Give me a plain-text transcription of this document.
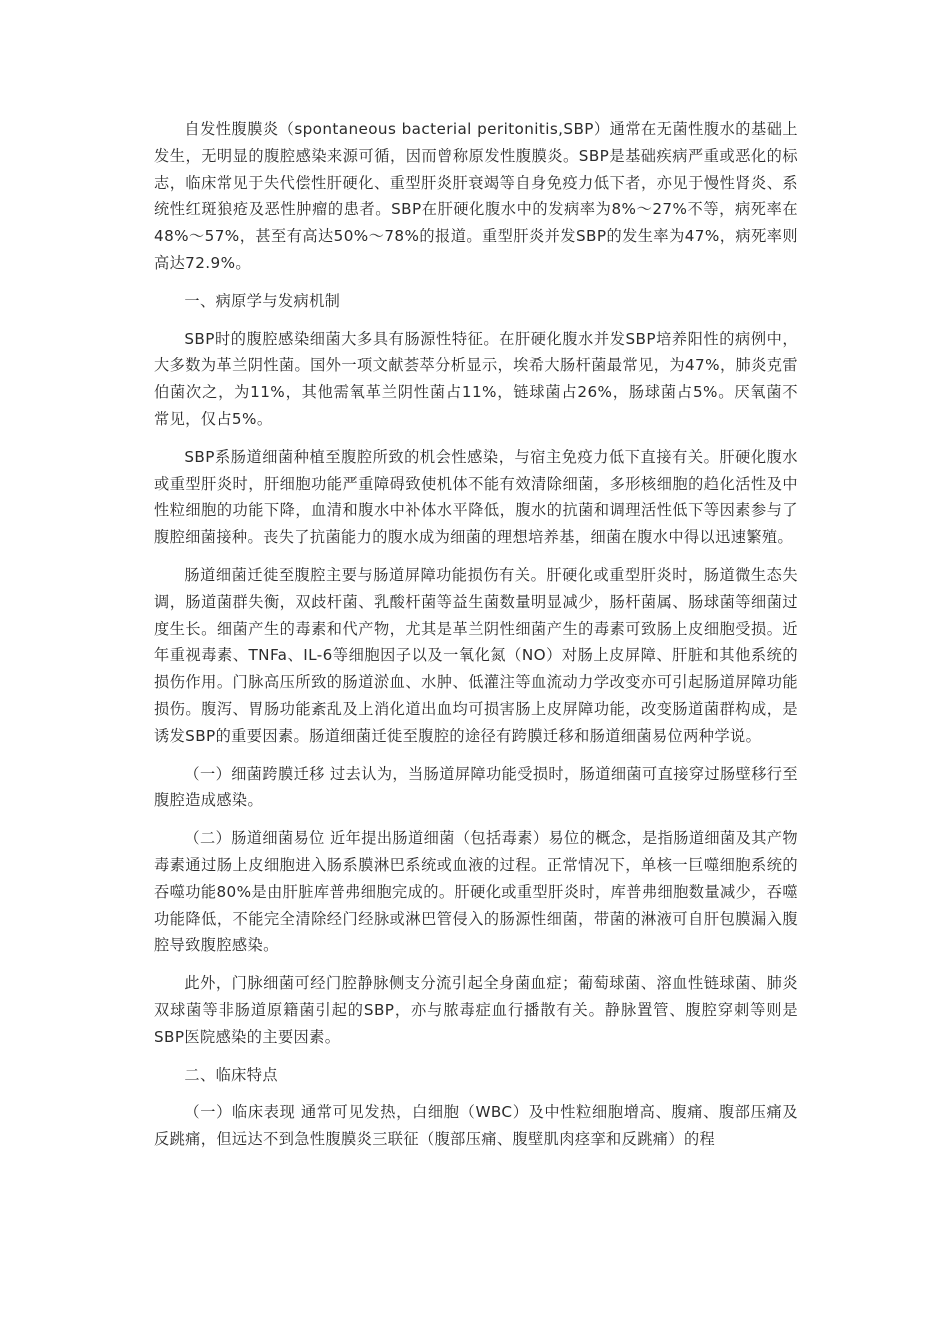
自发性腹膜炎（spontaneous bacterial peritonitis,SBP）通常在无菌性腹水的基础上发生，无明显的腹腔感染来源可循，因而曾称原发性腹膜炎。SBP是基础疾病严重或恶化的标志，临床常见于失代偿性肝硬化、重型肝炎肝衰竭等自身免疫力低下者，亦见于慢性肾炎、系统性红斑狼疮及恶性肿瘤的患者。SBP在肝硬化腹水中的发病率为8%～27%不等，病死率在48%～57%，甚至有高达50%～78%的报道。重型肝炎并发SBP的发生率为47%，病死率则高达72.9%。

一、病原学与发病机制

SBP时的腹腔感染细菌大多具有肠源性特征。在肝硬化腹水并发SBP培养阳性的病例中，大多数为革兰阴性菌。国外一项文献荟萃分析显示，埃希大肠杆菌最常见，为47%，肺炎克雷伯菌次之，为11%，其他需氧革兰阴性菌占11%，链球菌占26%，肠球菌占5%。厌氧菌不常见，仅占5%。

SBP系肠道细菌种植至腹腔所致的机会性感染，与宿主免疫力低下直接有关。肝硬化腹水或重型肝炎时，肝细胞功能严重障碍致使机体不能有效清除细菌，多形核细胞的趋化活性及中性粒细胞的功能下降，血清和腹水中补体水平降低，腹水的抗菌和调理活性低下等因素参与了腹腔细菌接种。丧失了抗菌能力的腹水成为细菌的理想培养基，细菌在腹水中得以迅速繁殖。

肠道细菌迁徙至腹腔主要与肠道屏障功能损伤有关。肝硬化或重型肝炎时，肠道微生态失调，肠道菌群失衡，双歧杆菌、乳酸杆菌等益生菌数量明显减少，肠杆菌属、肠球菌等细菌过度生长。细菌产生的毒素和代产物，尤其是革兰阴性细菌产生的毒素可致肠上皮细胞受损。近年重视毒素、TNFa、IL-6等细胞因子以及一氧化氮（NO）对肠上皮屏障、肝脏和其他系统的损伤作用。门脉高压所致的肠道淤血、水肿、低灌注等血流动力学改变亦可引起肠道屏障功能损伤。腹泻、胃肠功能紊乱及上消化道出血均可损害肠上皮屏障功能，改变肠道菌群构成，是诱发SBP的重要因素。肠道细菌迁徙至腹腔的途径有跨膜迁移和肠道细菌易位两种学说。

（一）细菌跨膜迁移 过去认为，当肠道屏障功能受损时，肠道细菌可直接穿过肠壁移行至腹腔造成感染。

（二）肠道细菌易位 近年提出肠道细菌（包括毒素）易位的概念，是指肠道细菌及其产物毒素通过肠上皮细胞进入肠系膜淋巴系统或血液的过程。正常情况下，单核一巨噬细胞系统的吞噬功能80%是由肝脏库普弗细胞完成的。肝硬化或重型肝炎时，库普弗细胞数量减少，吞噬功能降低，不能完全清除经门经脉或淋巴管侵入的肠源性细菌，带菌的淋液可自肝包膜漏入腹腔导致腹腔感染。

此外，门脉细菌可经门腔静脉侧支分流引起全身菌血症；葡萄球菌、溶血性链球菌、肺炎双球菌等非肠道原籍菌引起的SBP，亦与脓毒症血行播散有关。静脉置管、腹腔穿刺等则是SBP医院感染的主要因素。

二、临床特点

（一）临床表现 通常可见发热，白细胞（WBC）及中性粒细胞增高、腹痛、腹部压痛及反跳痛，但远达不到急性腹膜炎三联征（腹部压痛、腹壁肌肉痉挛和反跳痛）的程
